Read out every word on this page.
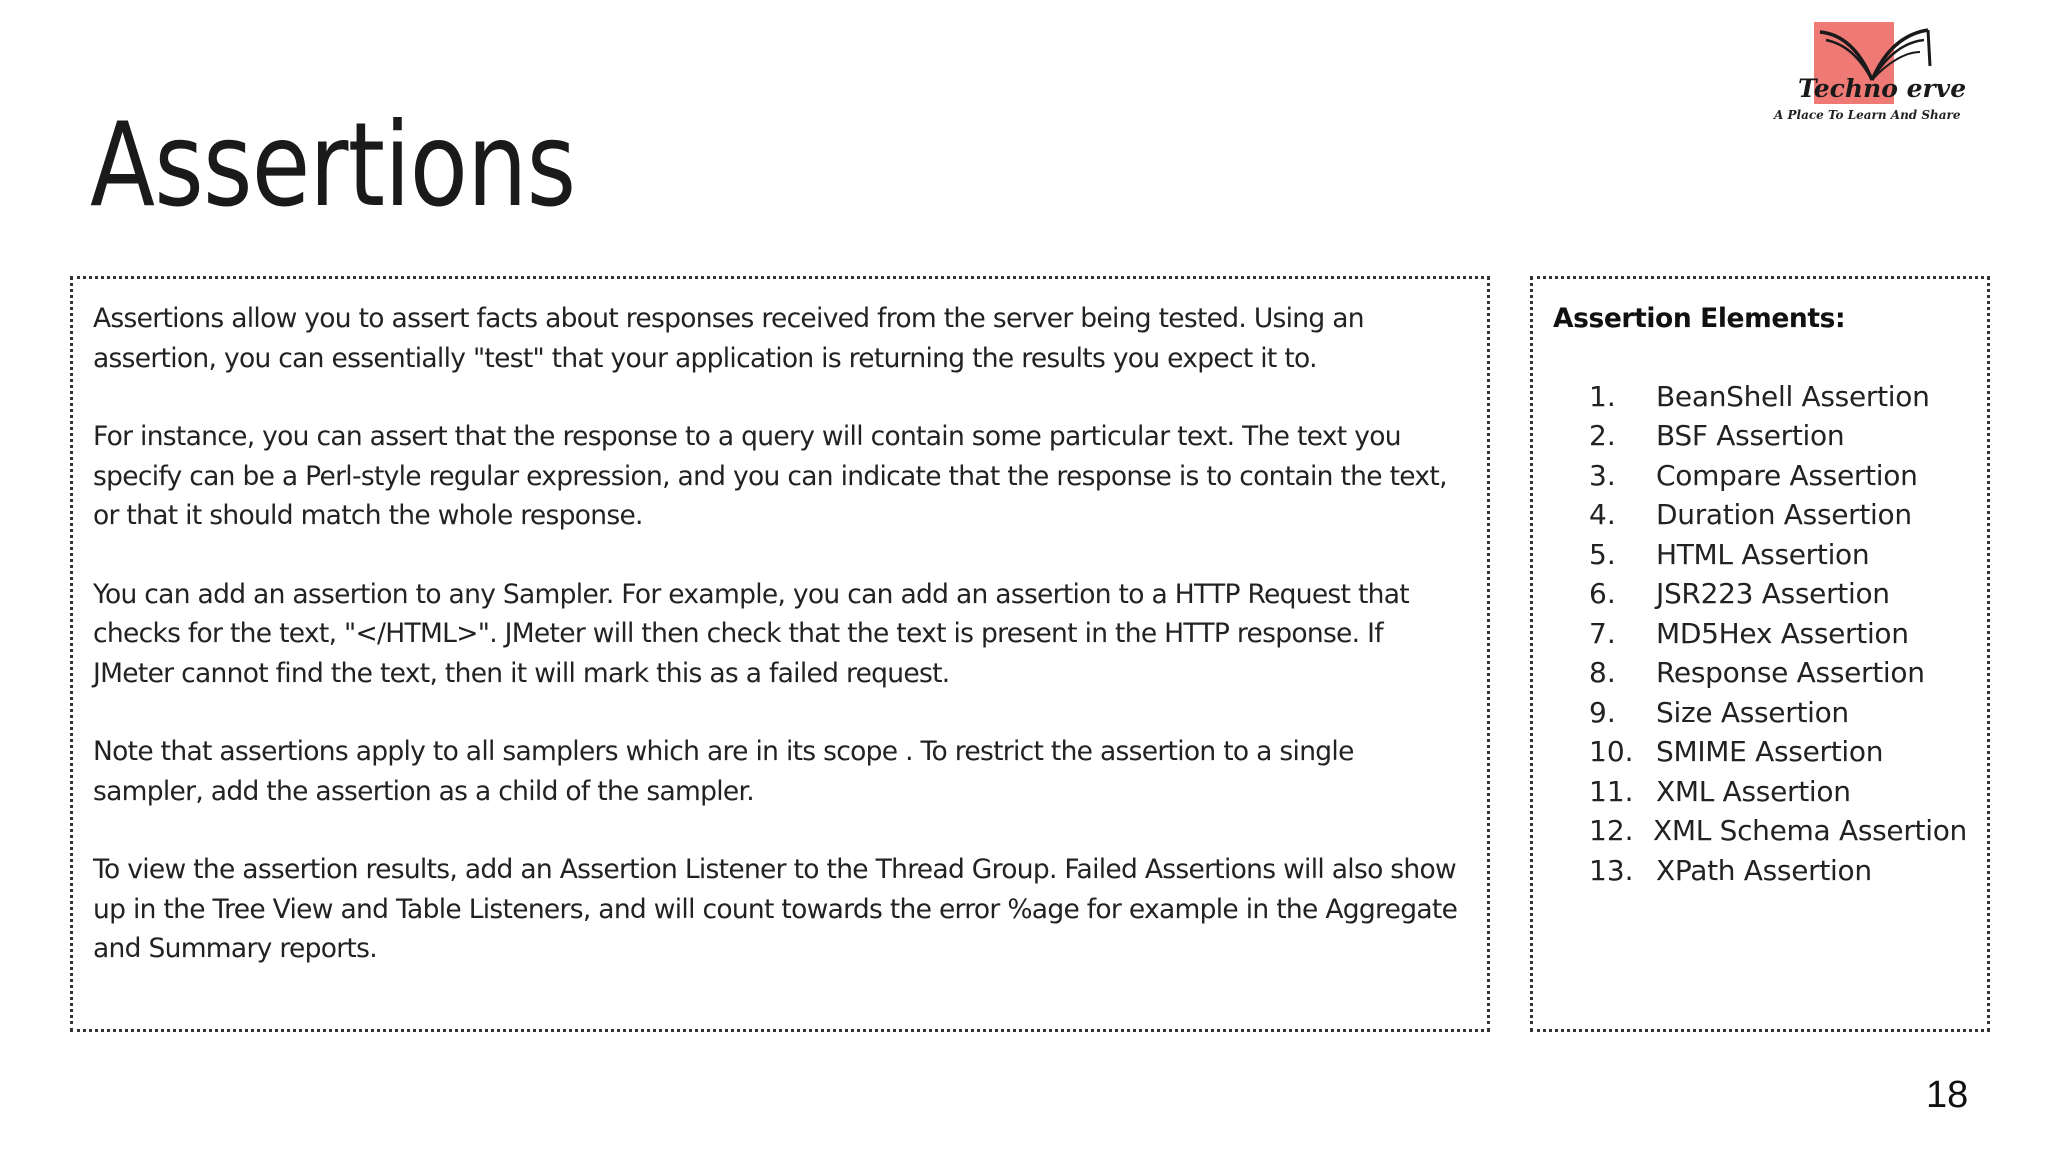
Assertions
Techno erve
A Place To Learn And Share

Assertions allow you to assert facts about responses received from the server being tested. Using an assertion, you can essentially "test" that your application is returning the results you expect it to.

For instance, you can assert that the response to a query will contain some particular text. The text you specify can be a Perl-style regular expression, and you can indicate that the response is to contain the text, or that it should match the whole response.

You can add an assertion to any Sampler. For example, you can add an assertion to a HTTP Request that checks for the text, "</HTML>". JMeter will then check that the text is present in the HTTP response. If JMeter cannot find the text, then it will mark this as a failed request.

Note that assertions apply to all samplers which are in its scope . To restrict the assertion to a single sampler, add the assertion as a child of the sampler.

To view the assertion results, add an Assertion Listener to the Thread Group. Failed Assertions will also show up in the Tree View and Table Listeners, and will count towards the error %age for example in the Aggregate and Summary reports.

Assertion Elements:
1.	BeanShell Assertion
2.	BSF Assertion
3.	Compare Assertion
4.	Duration Assertion
5.	HTML Assertion
6.	JSR223 Assertion
7.	MD5Hex Assertion
8.	Response Assertion
9.	Size Assertion
10. SMIME Assertion
11. XML Assertion
12. XML Schema Assertion
13. XPath Assertion
18
